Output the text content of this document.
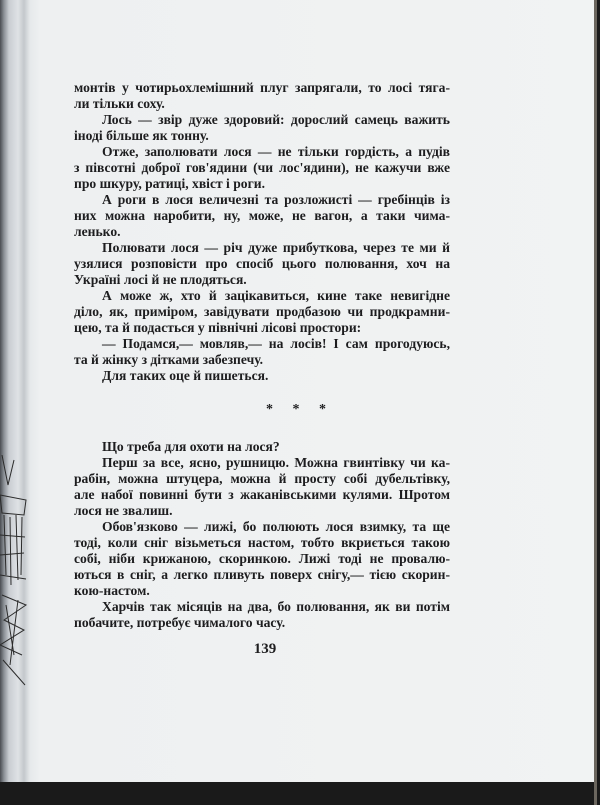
монтів у чотирьохлемішний плуг запрягали, то лосі тяга-
ли тільки соху.
Лось — звір дуже здоровий: дорослий самець важить
іноді більше як тонну.
Отже, заполювати лося — не тільки гордість, а пудів
з півсотні доброї гов'ядини (чи лос'ядини), не кажучи вже
про шкуру, ратиці, хвіст і роги.
А роги в лося величезні та розложисті — гребінців із
них можна наробити, ну, може, не вагон, а таки чима-
ленько.
Полювати лося — річ дуже прибуткова, через те ми й
узялися розповісти про спосіб цього полювання, хоч на
Україні лосі й не плодяться.
А може ж, хто й зацікавиться, кине таке невигідне
діло, як, приміром, завідувати продбазою чи продкрамни-
цею, та й подасться у північні лісові простори:
— Подамся,— мовляв,— на лосів! І сам прогодуюсь,
та й жінку з дітками забезпечу.
Для таких оце й пишеться.
* * *
Що треба для охоти на лося?
Перш за все, ясно, рушницю. Можна гвинтівку чи ка-
рабін, можна штуцера, можна й просту собі дубельтівку,
але набої повинні бути з жаканівськими кулями. Шротом
лося не звалиш.
Обов'язково — лижі, бо полюють лося взимку, та ще
тоді, коли сніг візьметься настом, тобто вкриється такою
собі, ніби крижаною, скоринкою. Лижі тоді не провалю-
ються в сніг, а легко пливуть поверх снігу,— тією скорин-
кою-настом.
Харчів так місяців на два, бо полювання, як ви потім
побачите, потребує чималого часу.
139
